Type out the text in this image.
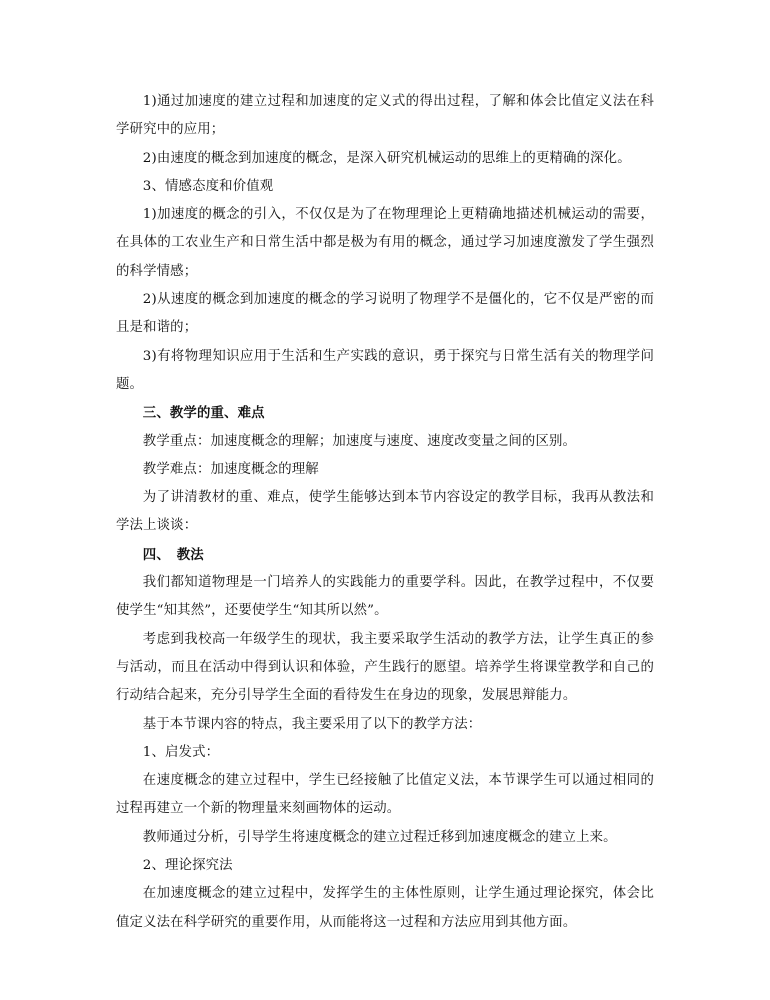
1)通过加速度的建立过程和加速度的定义式的得出过程，了解和体会比值定义法在科学研究中的应用；

2)由速度的概念到加速度的概念，是深入研究机械运动的思维上的更精确的深化。

3、情感态度和价值观

1)加速度的概念的引入，不仅仅是为了在物理理论上更精确地描述机械运动的需要，在具体的工农业生产和日常生活中都是极为有用的概念，通过学习加速度激发了学生强烈的科学情感；

2)从速度的概念到加速度的概念的学习说明了物理学不是僵化的，它不仅是严密的而且是和谐的；

3)有将物理知识应用于生活和生产实践的意识，勇于探究与日常生活有关的物理学问题。

三、教学的重、难点

教学重点：加速度概念的理解；加速度与速度、速度改变量之间的区别。

教学难点：加速度概念的理解

为了讲清教材的重、难点，使学生能够达到本节内容设定的教学目标，我再从教法和学法上谈谈：

四、　教法

我们都知道物理是一门培养人的实践能力的重要学科。因此，在教学过程中，不仅要使学生“知其然”，还要使学生“知其所以然”。

考虑到我校高一年级学生的现状，我主要采取学生活动的教学方法，让学生真正的参与活动，而且在活动中得到认识和体验，产生践行的愿望。培养学生将课堂教学和自己的行动结合起来，充分引导学生全面的看待发生在身边的现象，发展思辩能力。

基于本节课内容的特点，我主要采用了以下的教学方法：

1、启发式：

在速度概念的建立过程中，学生已经接触了比值定义法，本节课学生可以通过相同的过程再建立一个新的物理量来刻画物体的运动。

教师通过分析，引导学生将速度概念的建立过程迁移到加速度概念的建立上来。

2、理论探究法

在加速度概念的建立过程中，发挥学生的主体性原则，让学生通过理论探究，体会比值定义法在科学研究的重要作用，从而能将这一过程和方法应用到其他方面。
